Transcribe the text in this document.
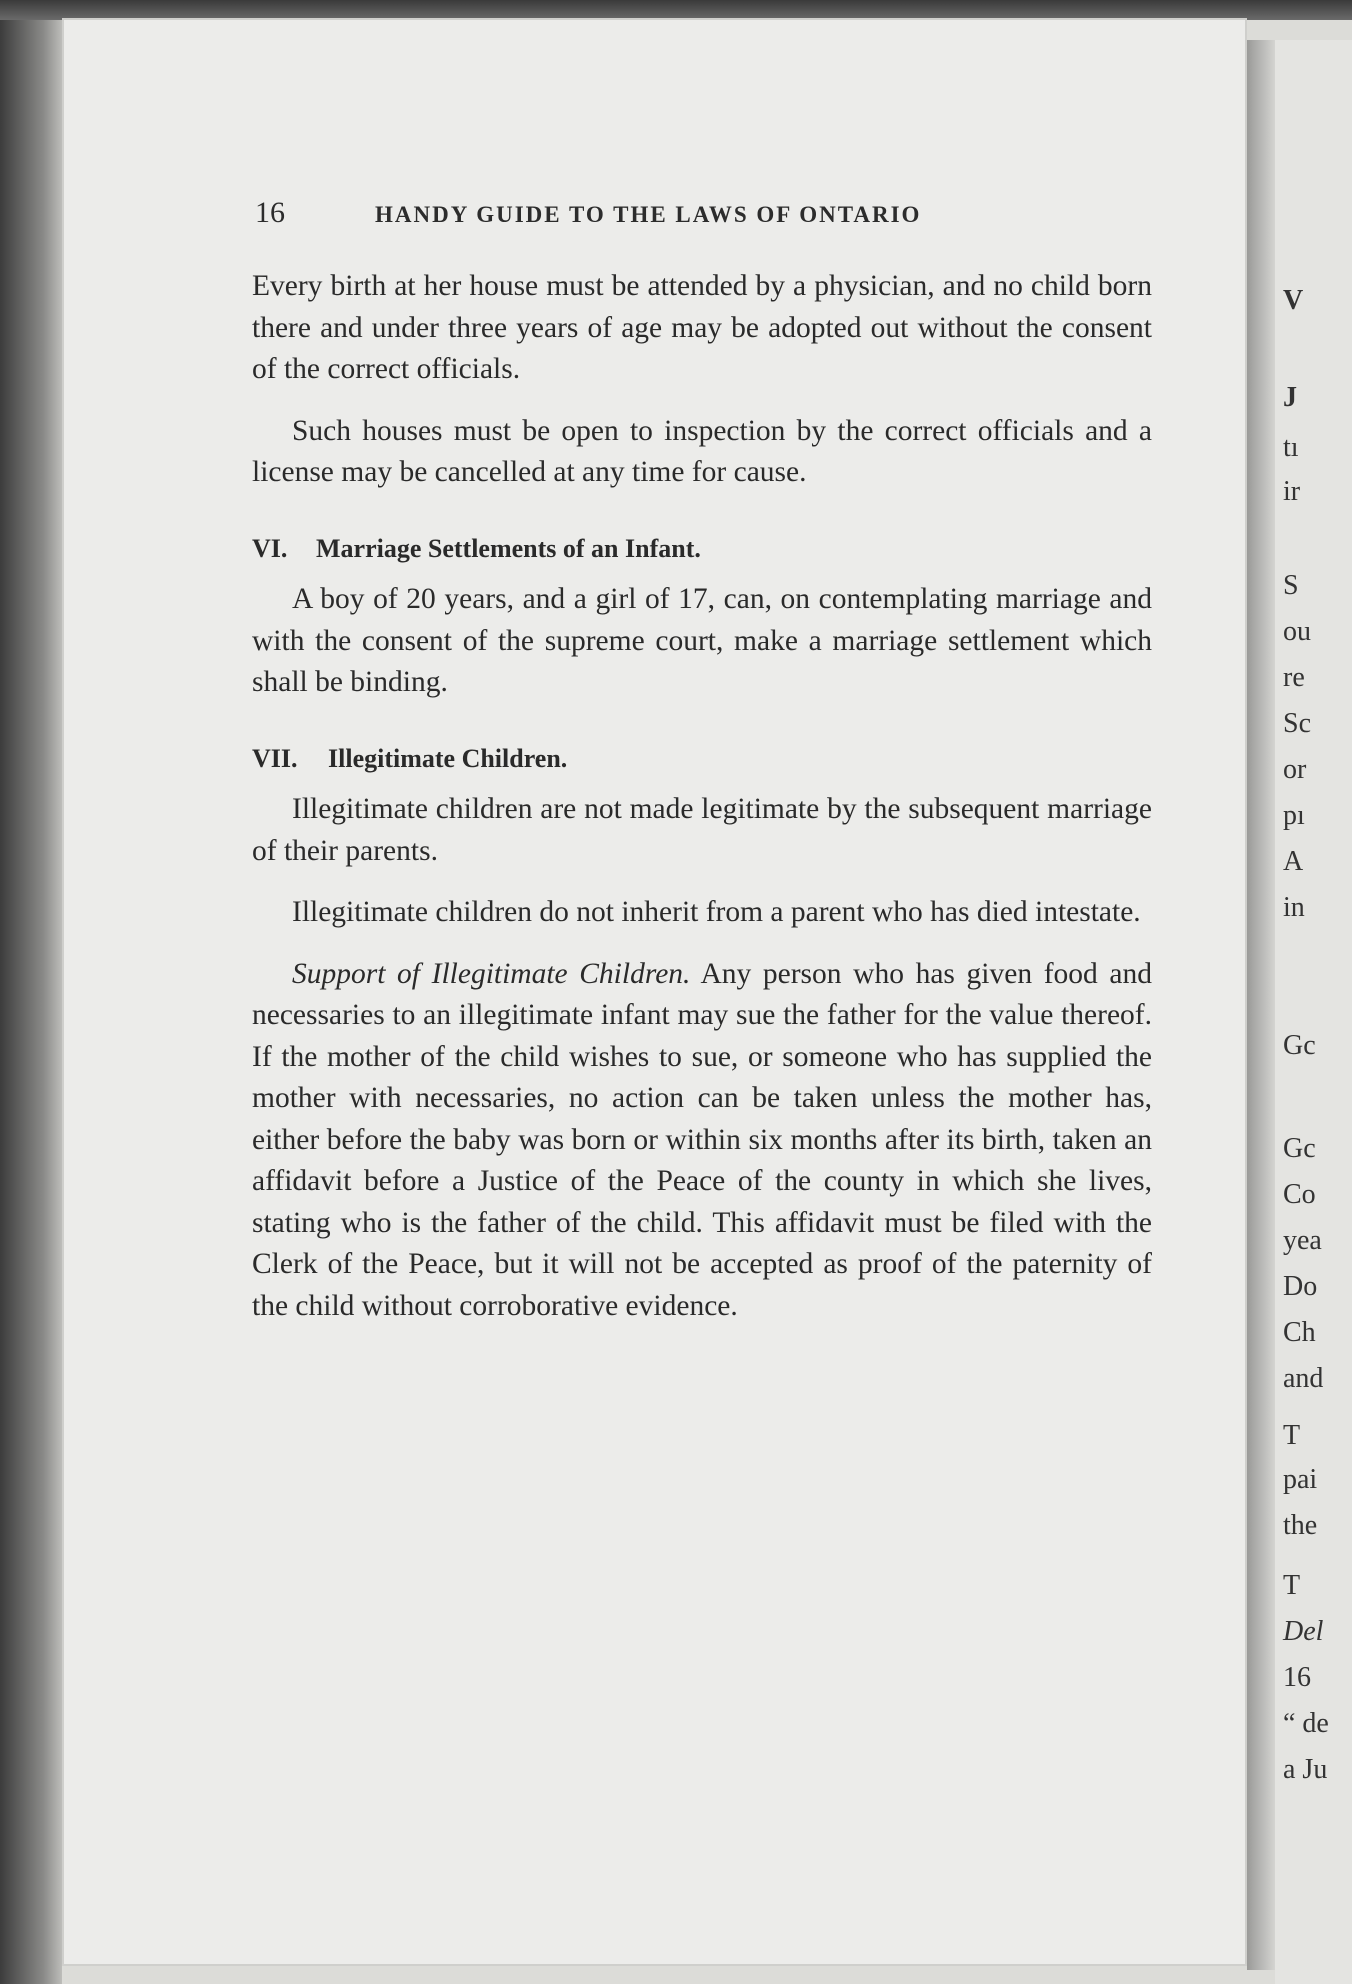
16	HANDY GUIDE TO THE LAWS OF ONTARIO

Every birth at her house must be attended by a physician, and no child born there and under three years of age may be adopted out without the consent of the correct officials.

Such houses must be open to inspection by the correct officials and a license may be cancelled at any time for cause.

VI. Marriage Settlements of an Infant.

A boy of 20 years, and a girl of 17, can, on contemplating marriage and with the consent of the supreme court, make a marriage settlement which shall be binding.

VII. Illegitimate Children.

Illegitimate children are not made legitimate by the subsequent marriage of their parents.

Illegitimate children do not inherit from a parent who has died intestate.

Support of Illegitimate Children. Any person who has given food and necessaries to an illegitimate infant may sue the father for the value thereof. If the mother of the child wishes to sue, or someone who has supplied the mother with necessaries, no action can be taken unless the mother has, either before the baby was born or within six months after its birth, taken an affidavit before a Justice of the Peace of the county in which she lives, stating who is the father of the child. This affidavit must be filed with the Clerk of the Peace, but it will not be accepted as proof of the paternity of the child without corroborative evidence.

V
J
tı
ir
S
ou
re
Sc
or
pı
A
in
Gc
Gc
Co
yea
Do
Ch
and
T
pai
the
T
Del
16
“ de
a Ju
